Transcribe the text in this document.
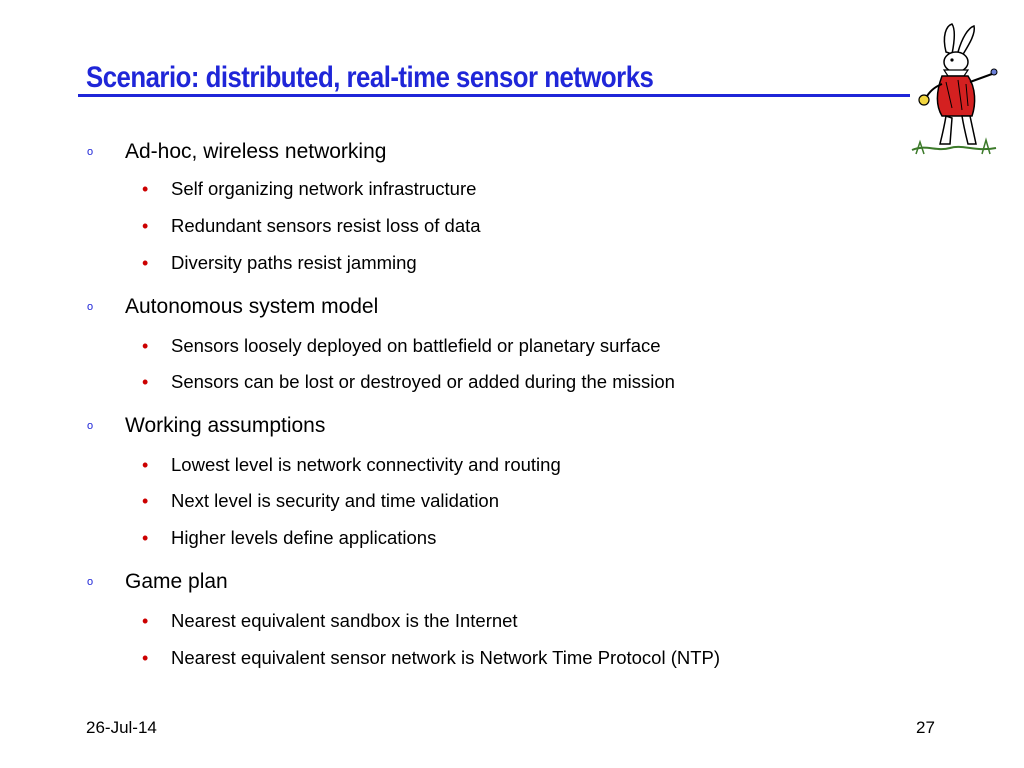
Scenario: distributed, real-time sensor networks
o Ad-hoc, wireless networking
• Self organizing network infrastructure
• Redundant sensors resist loss of data
• Diversity paths resist jamming
o Autonomous system model
• Sensors loosely deployed on battlefield or planetary surface
• Sensors can be lost or destroyed or added during the mission
o Working assumptions
• Lowest level is network connectivity and routing
• Next level is security and time validation
• Higher levels define applications
o Game plan
• Nearest equivalent sandbox is the Internet
• Nearest equivalent sensor network is Network Time Protocol (NTP)
26-Jul-14	27
